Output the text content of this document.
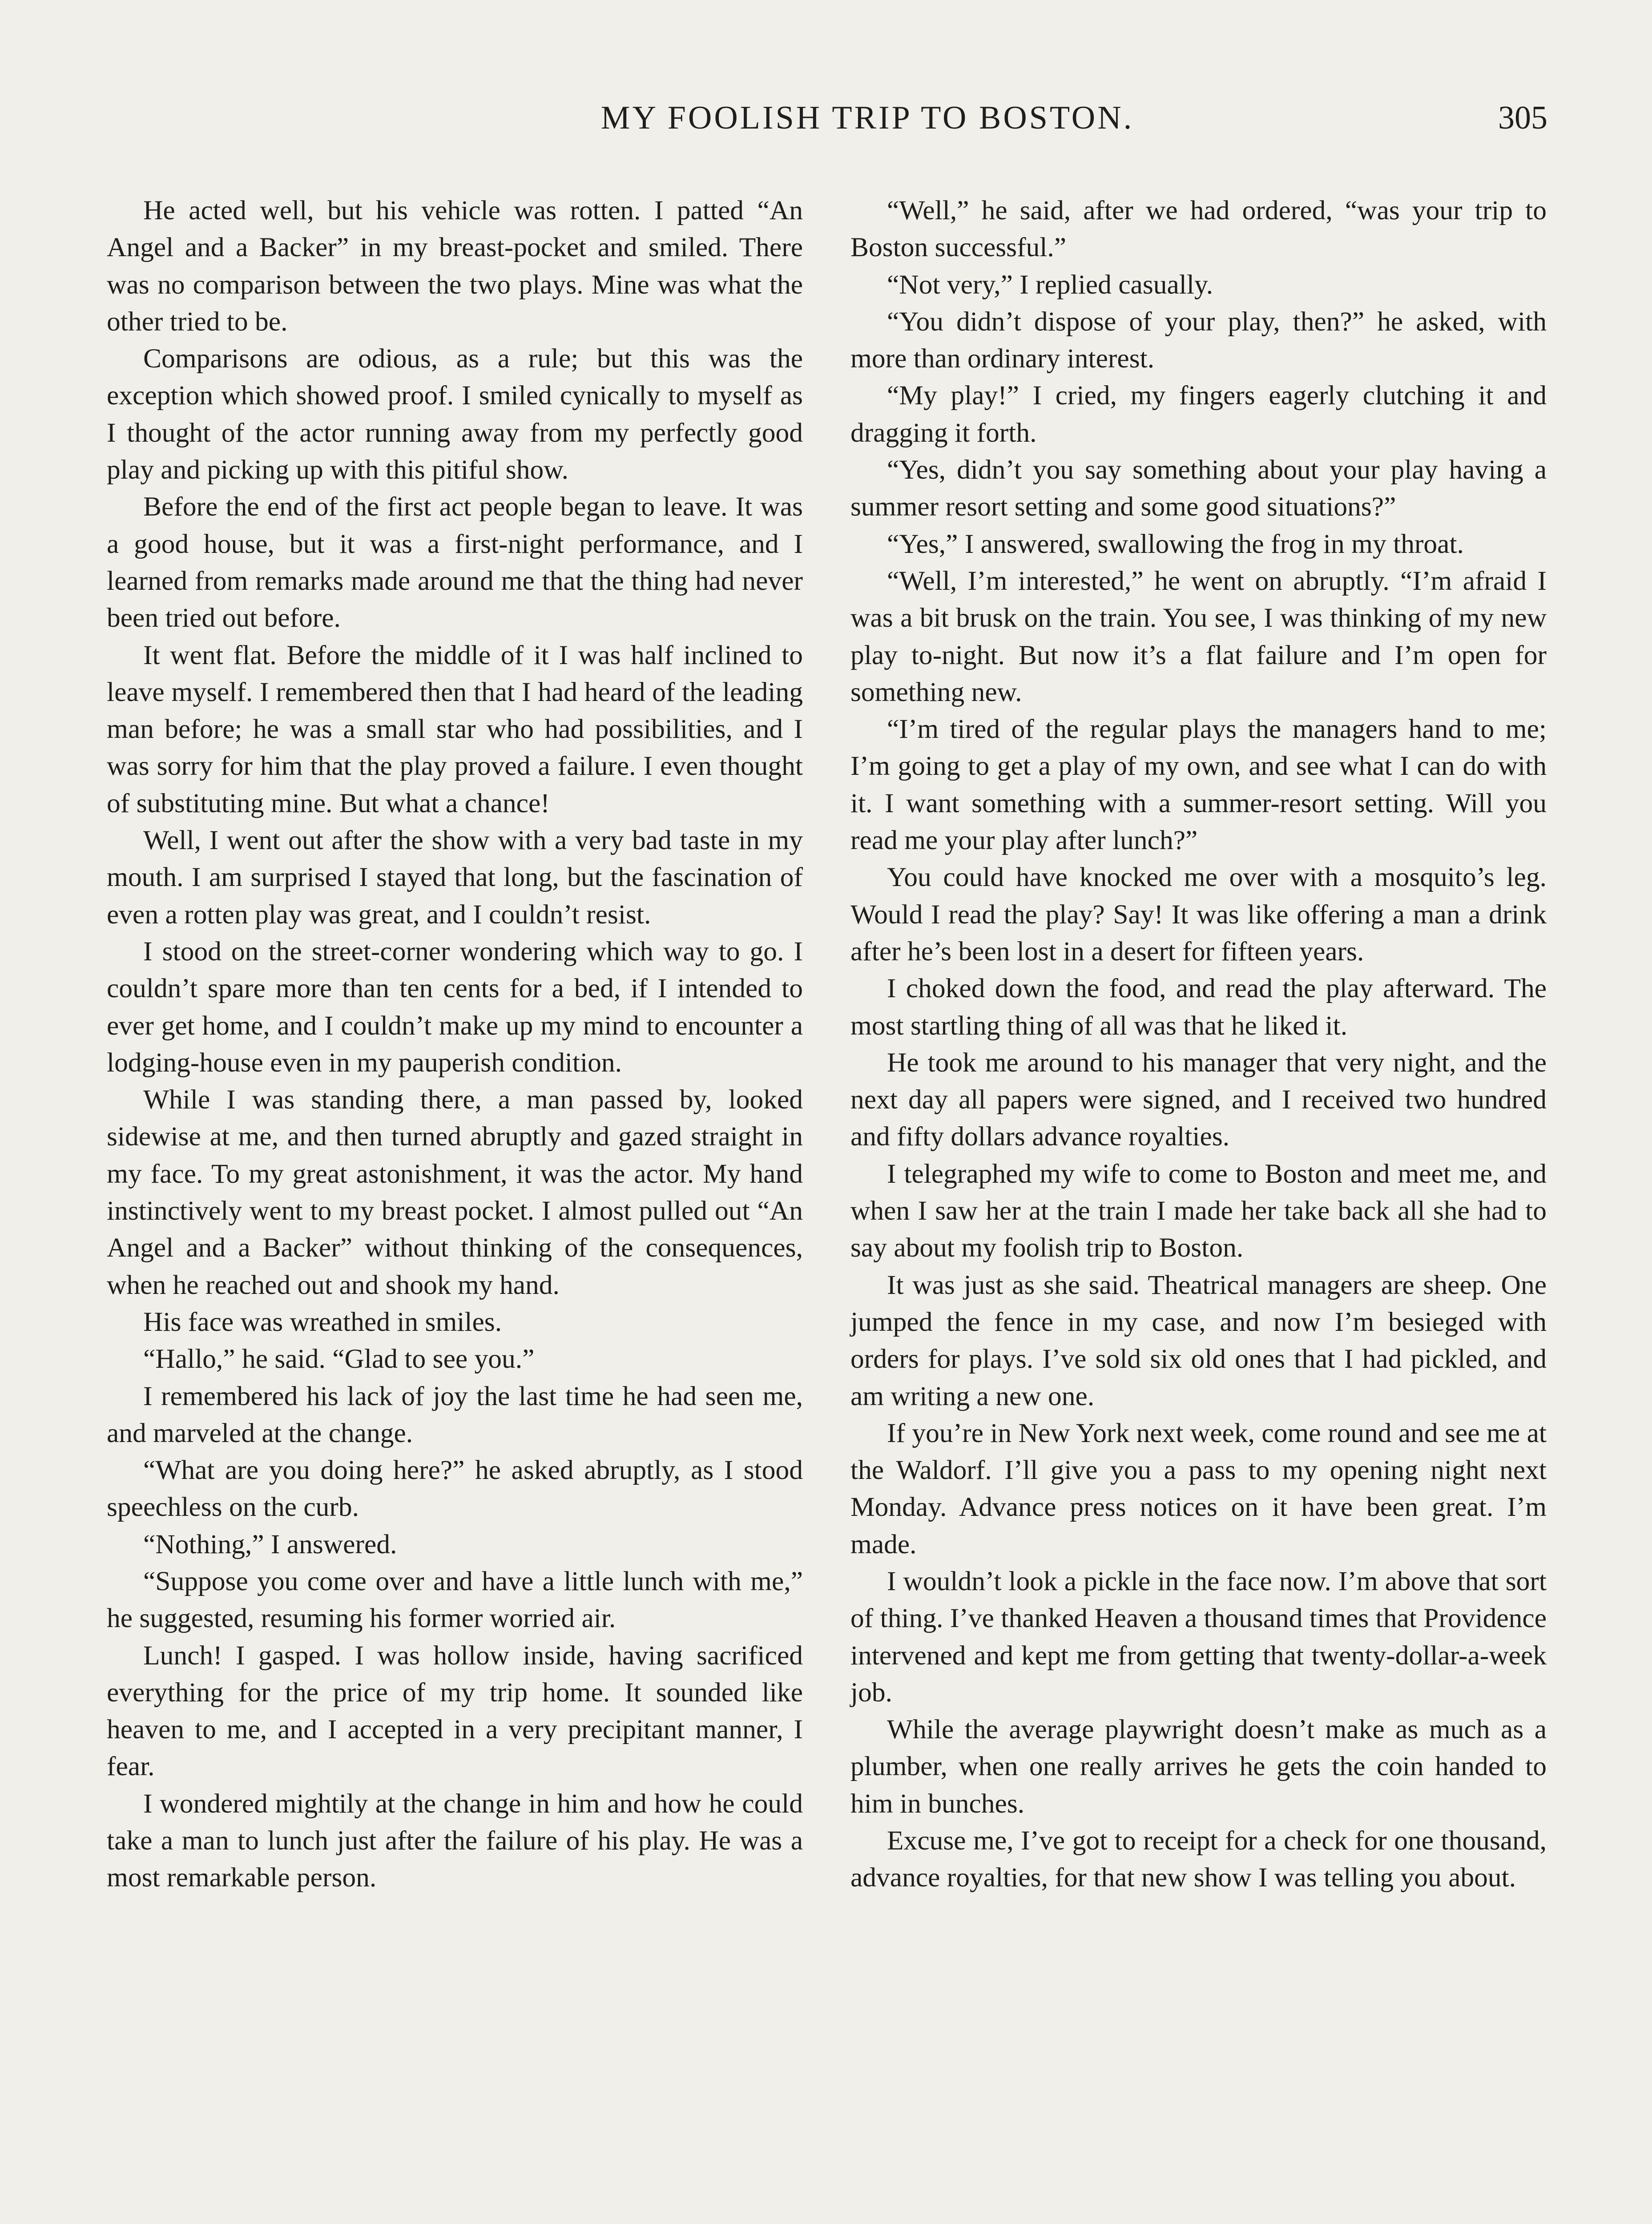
MY FOOLISH TRIP TO BOSTON.	305

He acted well, but his vehicle was rotten. I patted “An Angel and a Backer” in my breast-pocket and smiled. There was no comparison between the two plays. Mine was what the other tried to be.

Comparisons are odious, as a rule; but this was the exception which showed proof. I smiled cynically to myself as I thought of the actor running away from my perfectly good play and picking up with this pitiful show.

Before the end of the first act people began to leave. It was a good house, but it was a first-night performance, and I learned from remarks made around me that the thing had never been tried out before.

It went flat. Before the middle of it I was half inclined to leave myself. I remembered then that I had heard of the leading man before; he was a small star who had possibilities, and I was sorry for him that the play proved a failure. I even thought of substituting mine. But what a chance!

Well, I went out after the show with a very bad taste in my mouth. I am surprised I stayed that long, but the fascination of even a rotten play was great, and I couldn’t resist.

I stood on the street-corner wondering which way to go. I couldn’t spare more than ten cents for a bed, if I intended to ever get home, and I couldn’t make up my mind to encounter a lodging-house even in my pauperish condition.

While I was standing there, a man passed by, looked sidewise at me, and then turned abruptly and gazed straight in my face. To my great astonishment, it was the actor. My hand instinctively went to my breast pocket. I almost pulled out “An Angel and a Backer” without thinking of the consequences, when he reached out and shook my hand.

His face was wreathed in smiles.

“Hallo,” he said. “Glad to see you.”

I remembered his lack of joy the last time he had seen me, and marveled at the change.

“What are you doing here?” he asked abruptly, as I stood speechless on the curb.

“Nothing,” I answered.

“Suppose you come over and have a little lunch with me,” he suggested, resuming his former worried air.

Lunch! I gasped. I was hollow inside, having sacrificed everything for the price of my trip home. It sounded like heaven to me, and I accepted in a very precipitant manner, I fear.

I wondered mightily at the change in him and how he could take a man to lunch just after the failure of his play. He was a most remarkable person.

“Well,” he said, after we had ordered, “was your trip to Boston successful.”

“Not very,” I replied casually.

“You didn’t dispose of your play, then?” he asked, with more than ordinary interest.

“My play!” I cried, my fingers eagerly clutching it and dragging it forth.

“Yes, didn’t you say something about your play having a summer resort setting and some good situations?”

“Yes,” I answered, swallowing the frog in my throat.

“Well, I’m interested,” he went on abruptly. “I’m afraid I was a bit brusk on the train. You see, I was thinking of my new play to-night. But now it’s a flat failure and I’m open for something new.

“I’m tired of the regular plays the managers hand to me; I’m going to get a play of my own, and see what I can do with it. I want something with a summer-resort setting. Will you read me your play after lunch?”

You could have knocked me over with a mosquito’s leg. Would I read the play? Say! It was like offering a man a drink after he’s been lost in a desert for fifteen years.

I choked down the food, and read the play afterward. The most startling thing of all was that he liked it.

He took me around to his manager that very night, and the next day all papers were signed, and I received two hundred and fifty dollars advance royalties.

I telegraphed my wife to come to Boston and meet me, and when I saw her at the train I made her take back all she had to say about my foolish trip to Boston.

It was just as she said. Theatrical managers are sheep. One jumped the fence in my case, and now I’m besieged with orders for plays. I’ve sold six old ones that I had pickled, and am writing a new one.

If you’re in New York next week, come round and see me at the Waldorf. I’ll give you a pass to my opening night next Monday. Advance press notices on it have been great. I’m made.

I wouldn’t look a pickle in the face now. I’m above that sort of thing. I’ve thanked Heaven a thousand times that Providence intervened and kept me from getting that twenty-dollar-a-week job.

While the average playwright doesn’t make as much as a plumber, when one really arrives he gets the coin handed to him in bunches.

Excuse me, I’ve got to receipt for a check for one thousand, advance royalties, for that new show I was telling you about.
